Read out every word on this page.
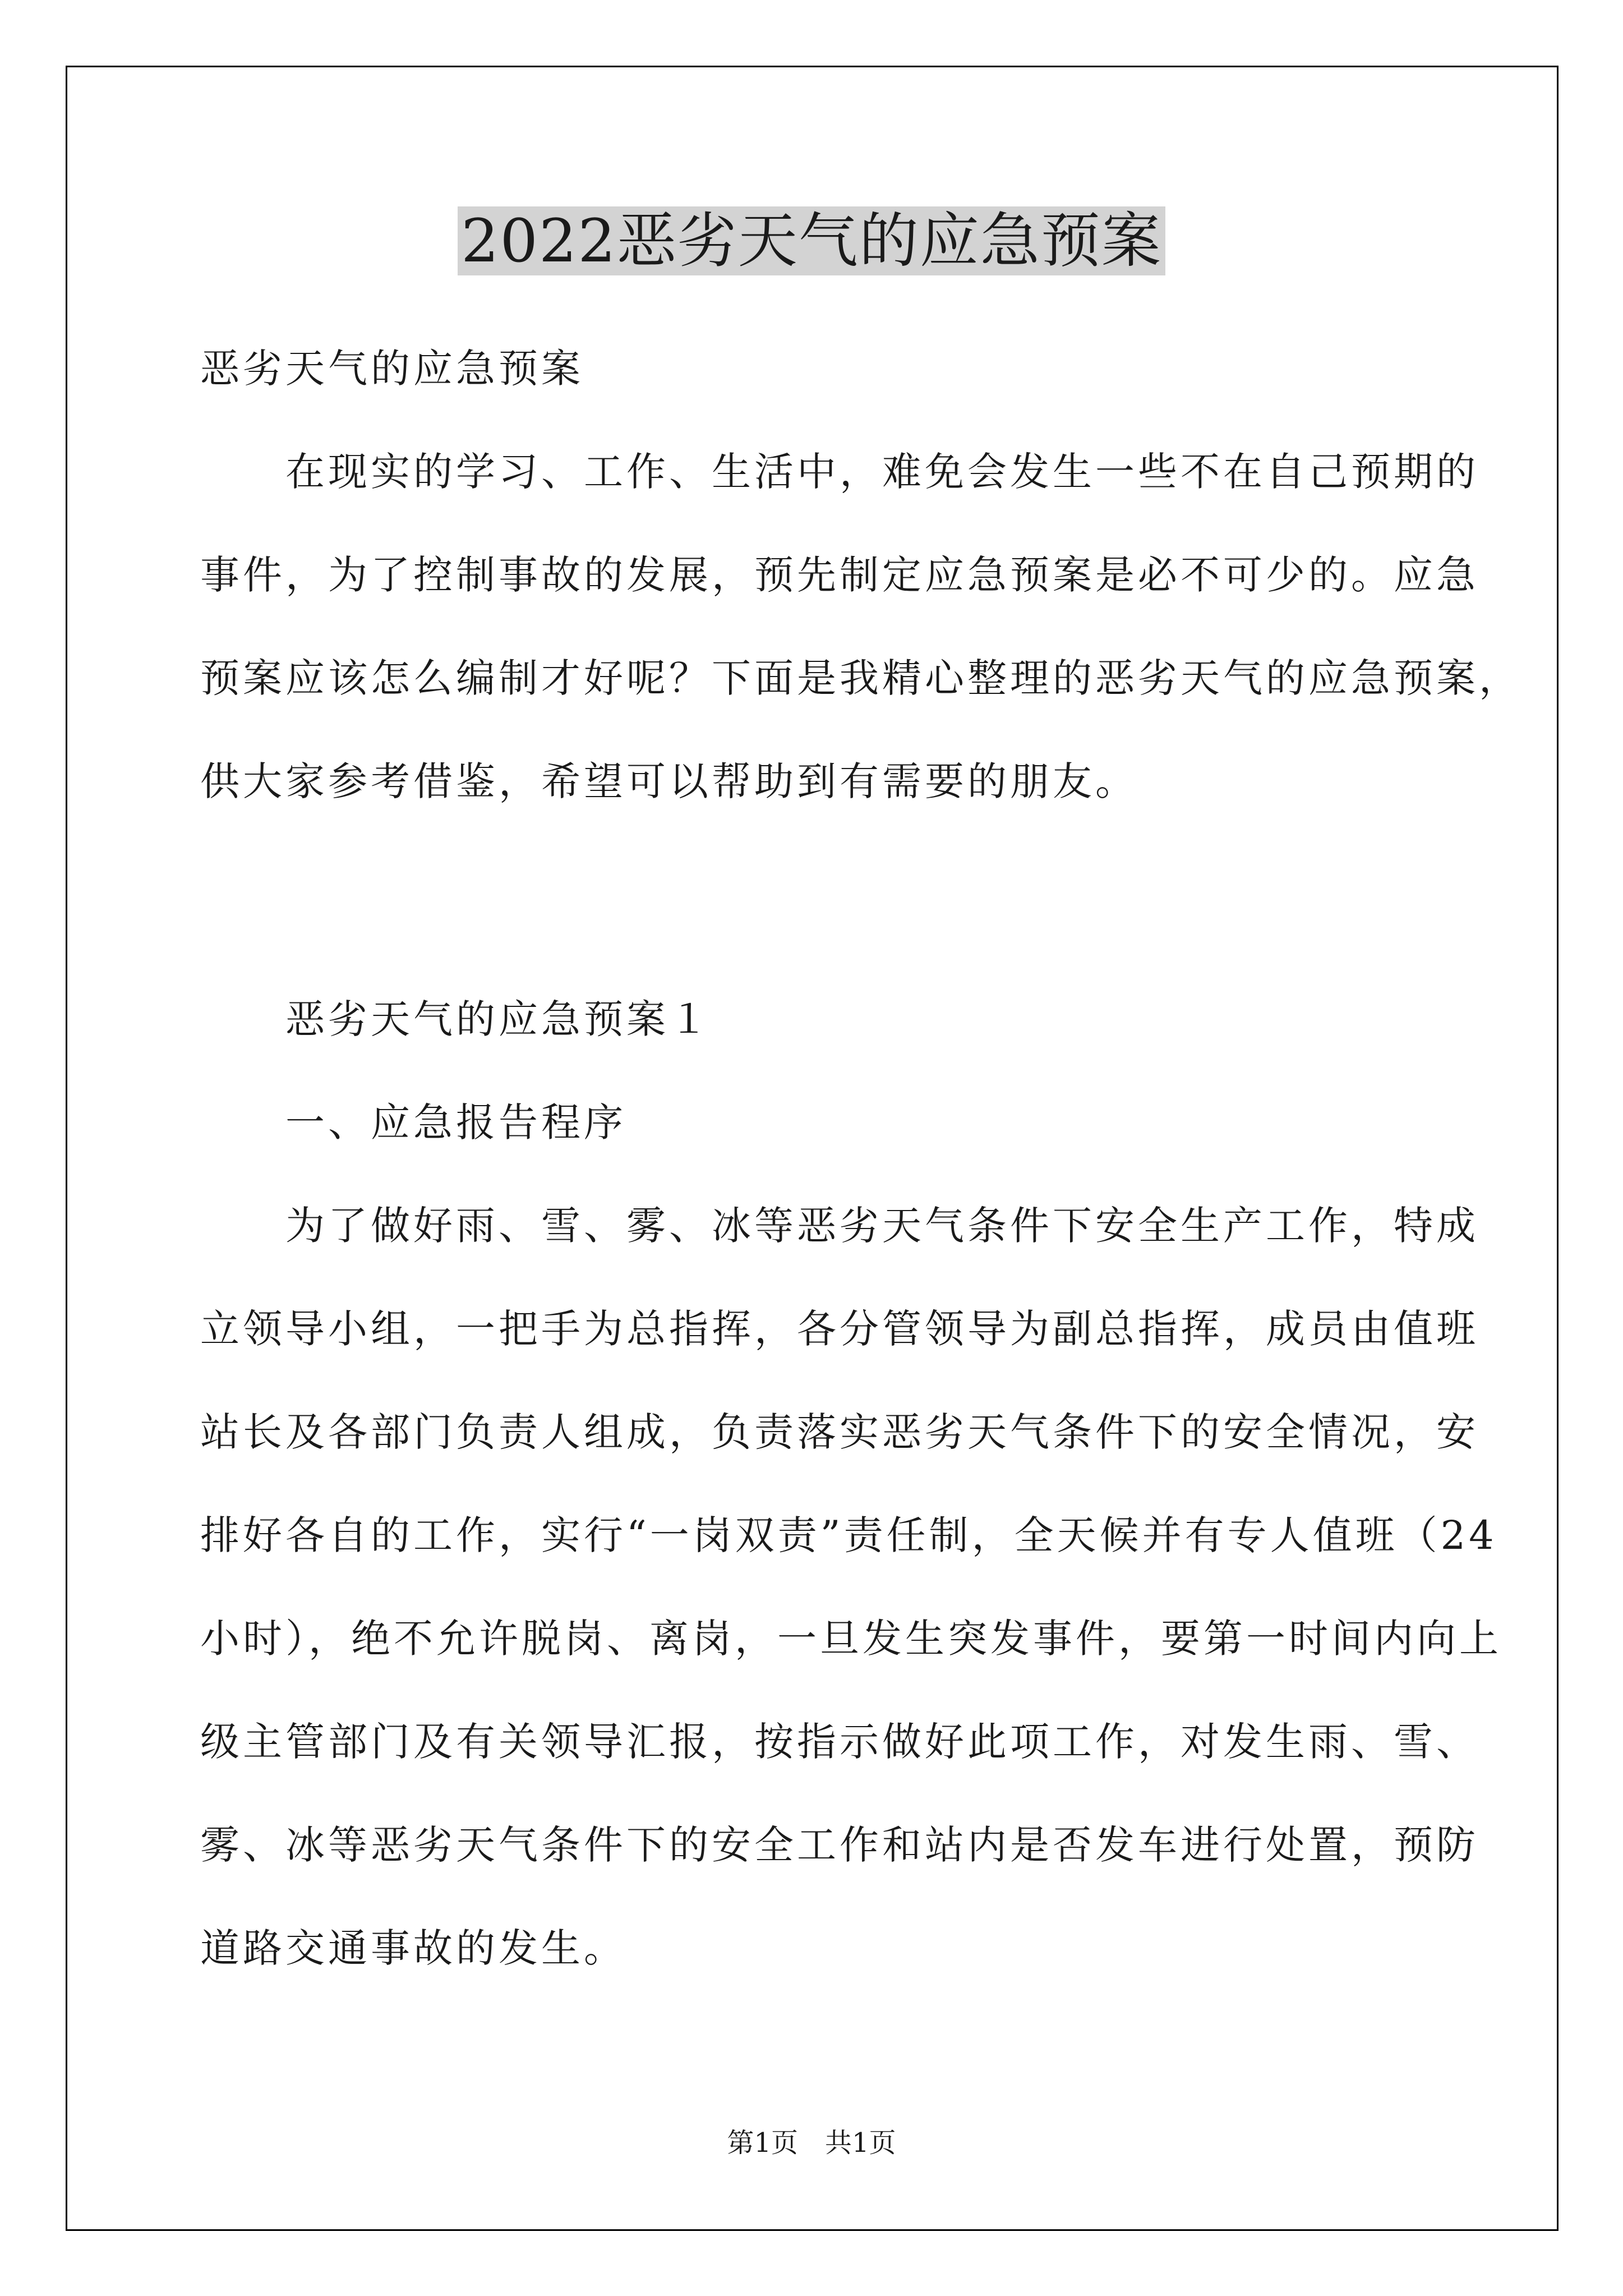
2022恶劣天气的应急预案
恶劣天气的应急预案
　　在现实的学习、工作、生活中，难免会发生一些不在自己预期的
事件，为了控制事故的发展，预先制定应急预案是必不可少的。应急
预案应该怎么编制才好呢？下面是我精心整理的恶劣天气的应急预案，
供大家参考借鉴，希望可以帮助到有需要的朋友。
　　恶劣天气的应急预案１
　　一、应急报告程序
　　为了做好雨、雪、雾、冰等恶劣天气条件下安全生产工作，特成
立领导小组，一把手为总指挥，各分管领导为副总指挥，成员由值班
站长及各部门负责人组成，负责落实恶劣天气条件下的安全情况，安
排好各自的工作，实行“一岗双责”责任制，全天候并有专人值班（24
小时），绝不允许脱岗、离岗，一旦发生突发事件，要第一时间内向上
级主管部门及有关领导汇报，按指示做好此项工作，对发生雨、雪、
雾、冰等恶劣天气条件下的安全工作和站内是否发车进行处置，预防
道路交通事故的发生。
第1页　共1页
